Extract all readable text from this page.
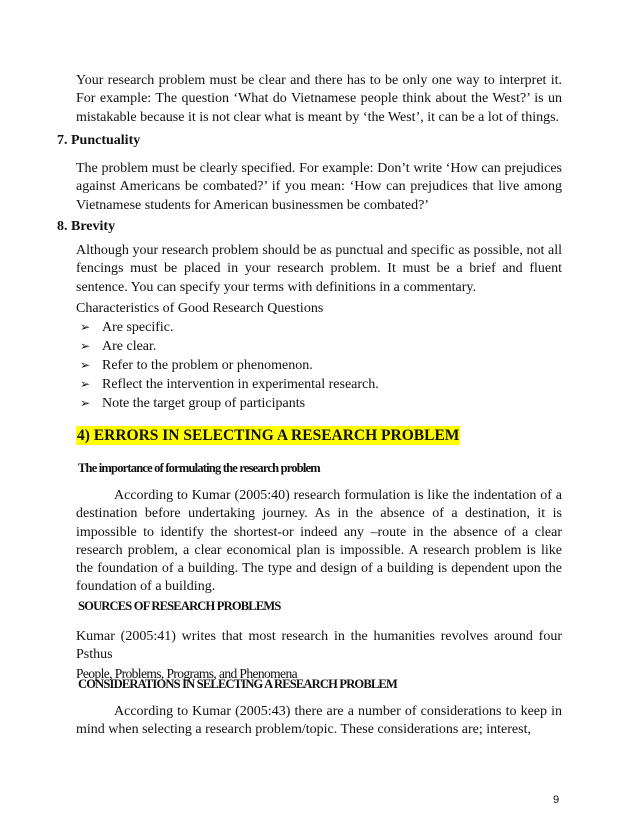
Your research problem must be clear and there has to be only one way to interpret it. For example: The question ‘What do Vietnamese people think about the West?’ is un mistakable because it is not clear what is meant by ‘the West’, it can be a lot of things.

7. Punctuality

The problem must be clearly specified. For example: Don’t write ‘How can prejudices against Americans be combated?’ if you mean: ‘How can prejudices that live among Vietnamese students for American businessmen be combated?’

8. Brevity

Although your research problem should be as punctual and specific as possible, not all fencings must be placed in your research problem. It must be a brief and fluent sentence. You can specify your terms with definitions in a commentary.

Characteristics of Good Research Questions

➢ Are specific.
➢ Are clear.
➢ Refer to the problem or phenomenon.
➢ Reflect the intervention in experimental research.
➢ Note the target group of participants
4) ERRORS IN SELECTING A RESEARCH PROBLEM
The importance of formulating the research problem

According to Kumar (2005:40) research formulation is like the indentation of a destination before undertaking journey. As in the absence of a destination, it is impossible to identify the shortest-or indeed any –route in the absence of a clear research problem, a clear economical plan is impossible. A research problem is like the foundation of a building. The type and design of a building is dependent upon the foundation of a building.

SOURCES OF RESEARCH PROBLEMS

Kumar (2005:41) writes that most research in the humanities revolves around four Psthus
People, Problems, Programs, and Phenomena

CONSIDERATIONS IN SELECTING A RESEARCH PROBLEM

According to Kumar (2005:43) there are a number of considerations to keep in mind when selecting a research problem/topic. These considerations are; interest,

9
